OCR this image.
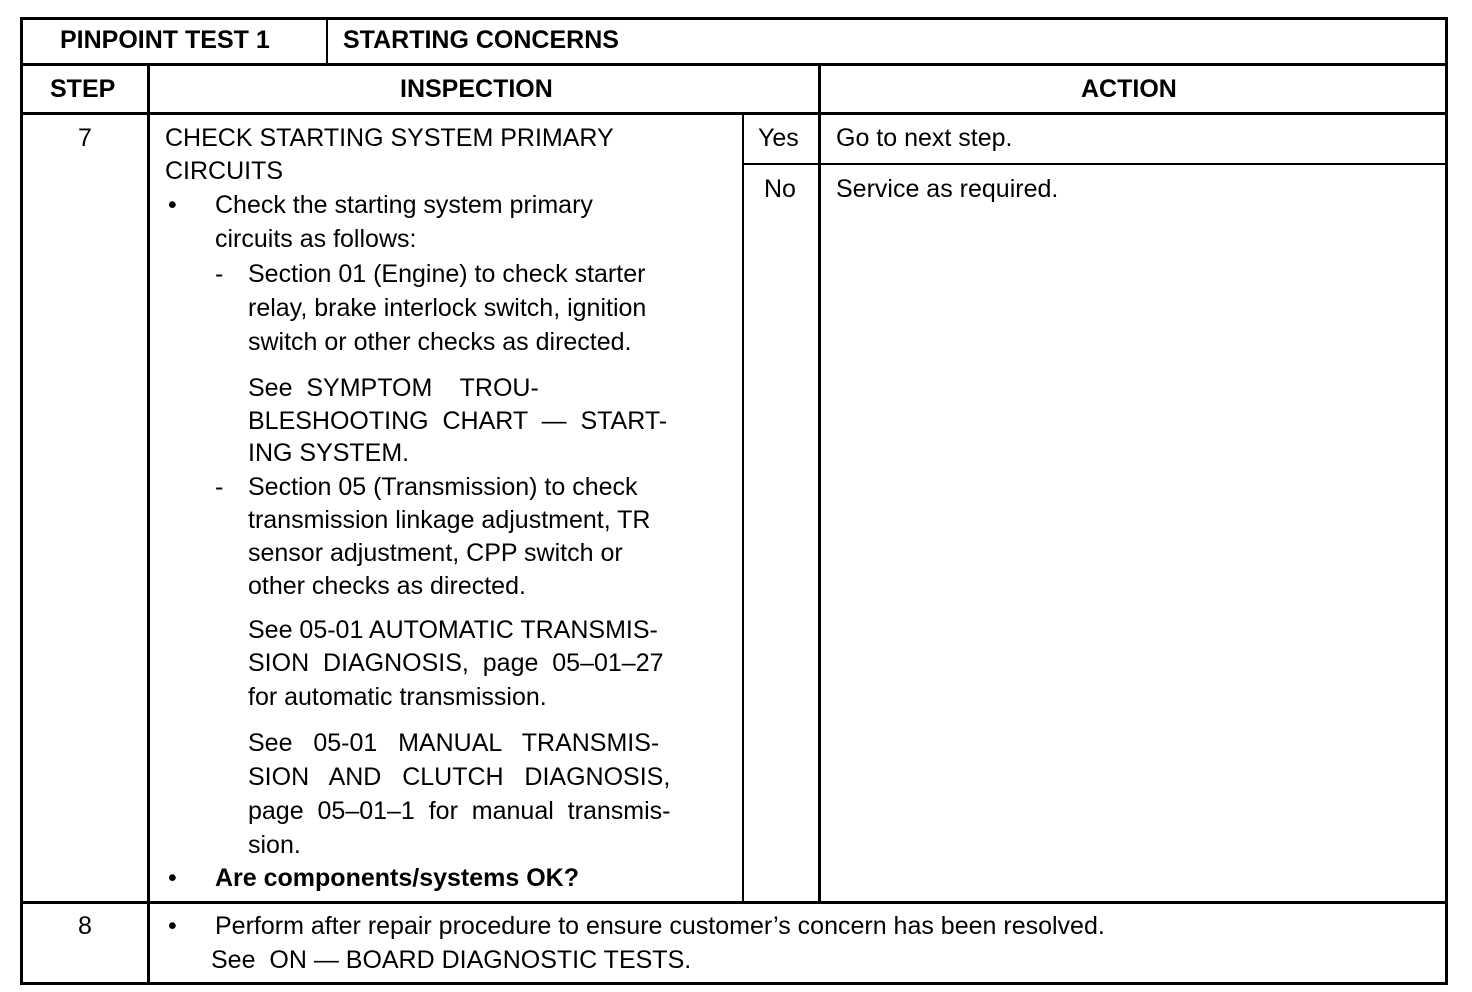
PINPOINT TEST 1	STARTING CONCERNS
STEP	INSPECTION	ACTION
7	CHECK STARTING SYSTEM PRIMARY
CIRCUITS
• Check the starting system primary
circuits as follows:
- Section 01 (Engine) to check starter
relay, brake interlock switch, ignition
switch or other checks as directed.
See  SYMPTOM    TROU-
BLESHOOTING  CHART  —  START-
ING SYSTEM.
- Section 05 (Transmission) to check
transmission linkage adjustment, TR
sensor adjustment, CPP switch or
other checks as directed.
See 05-01 AUTOMATIC TRANSMIS-
SION  DIAGNOSIS,  page  05–01–27
for automatic transmission.
See   05-01   MANUAL   TRANSMIS-
SION   AND   CLUTCH   DIAGNOSIS,
page  05–01–1  for  manual  transmis-
sion.
• Are components/systems OK?
Yes Go to next step.
No Service as required.
8	• Perform after repair procedure to ensure customer’s concern has been resolved.
See  ON — BOARD DIAGNOSTIC TESTS.
